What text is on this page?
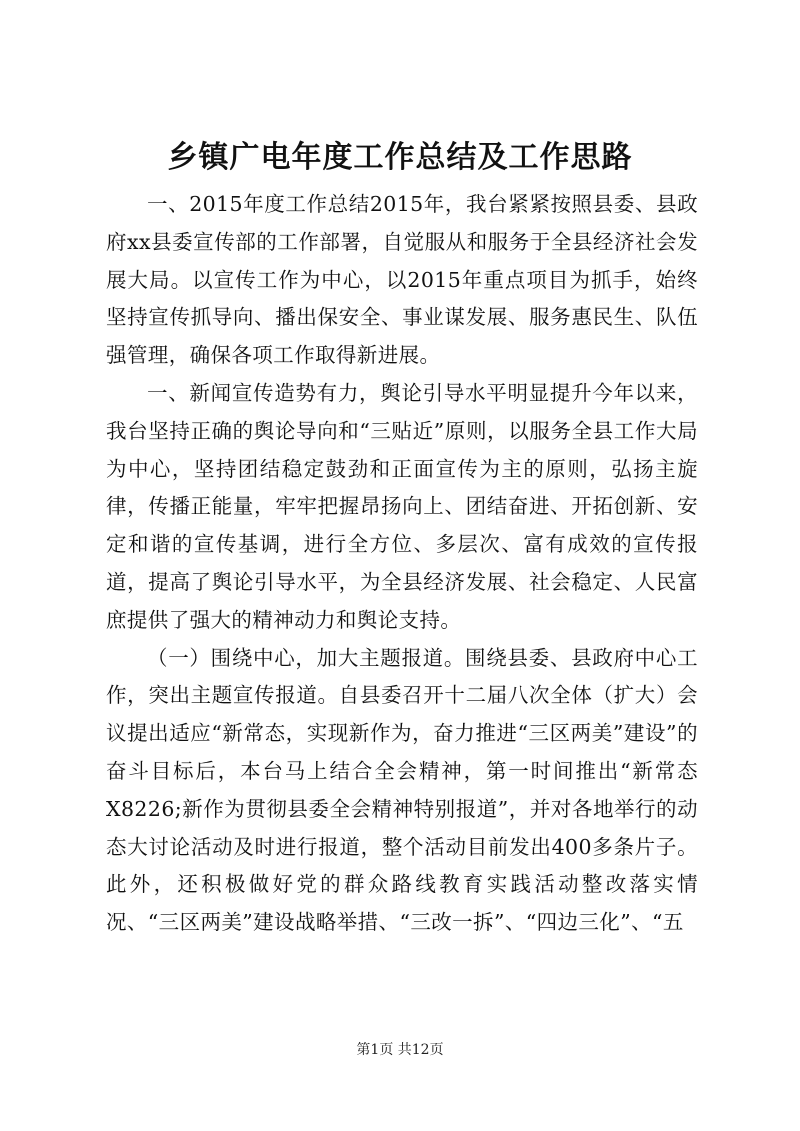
乡镇广电年度工作总结及工作思路

一、2015年度工作总结2015年，我台紧紧按照县委、县政府xx县委宣传部的工作部署，自觉服从和服务于全县经济社会发展大局。以宣传工作为中心，以2015年重点项目为抓手，始终坚持宣传抓导向、播出保安全、事业谋发展、服务惠民生、队伍强管理，确保各项工作取得新进展。

一、新闻宣传造势有力，舆论引导水平明显提升今年以来，我台坚持正确的舆论导向和“三贴近”原则，以服务全县工作大局为中心，坚持团结稳定鼓劲和正面宣传为主的原则，弘扬主旋律，传播正能量，牢牢把握昂扬向上、团结奋进、开拓创新、安定和谐的宣传基调，进行全方位、多层次、富有成效的宣传报道，提高了舆论引导水平，为全县经济发展、社会稳定、人民富庶提供了强大的精神动力和舆论支持。

（一）围绕中心，加大主题报道。围绕县委、县政府中心工作，突出主题宣传报道。自县委召开十二届八次全体（扩大）会议提出适应“新常态，实现新作为，奋力推进“三区两美”建设”的奋斗目标后，本台马上结合全会精神，第一时间推出“新常态X8226;新作为贯彻县委全会精神特别报道”，并对各地举行的动态大讨论活动及时进行报道，整个活动目前发出400多条片子。此外，还积极做好党的群众路线教育实践活动整改落实情况、“三区两美”建设战略举措、“三改一拆”、“四边三化”、“五

第1页 共12页
